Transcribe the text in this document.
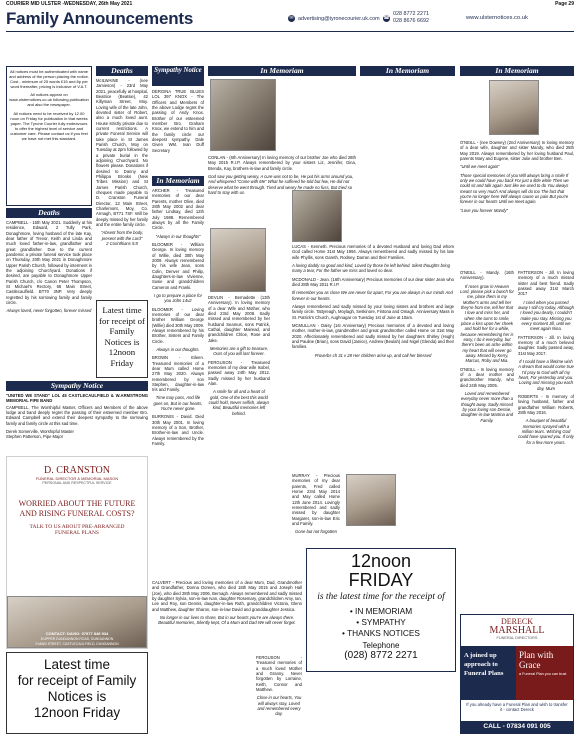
COURIER MID ULSTER -WEDNESDAY, 26th May 2021	Page 29
Family Announcements	✉ advertising@tyronecourier.uk.com ☎
028 8772 2271
028 8676 6692	www.ulsternotices.co.uk

All notices must be authenticated with name and address of the person placing the notice. Cost - minimum of 25 words £15 and 8p per word thereafter, pricing is inclusive of V.A.T.

All notices appear on www.ulsternotices.co.uk following publication and also the newspaper.

All notices need to be received by 12.00 noon on Friday for publication in that weeks paper. The Tyrone Courier fully endeavours to offer the highest level of service and customer care. Please contact us if you feel we have not met this standard.

Deaths

CAMPBELL - 15th May 2021. Suddenly at his residence, Edward, 2 Tully Park, Donaghmore, loving husband of the late Kay, dear father of Trevor, Keith and Linda and much loved father-in-law, grandfather and great grandfather. Due to the current pandemic a private funeral service took place on Thursday, 20th May 2021 in Donaghmore Upper Parish Church, followed by interment in the adjoining Churchyard. Donations if desired, are payable to Donaghmore Upper Parish Church, c/o Canon Peter Thompson, St Michael's Rectory, 66 Main Street, Castlecaulfield. BT70 3NP. Very deeply regretted by his sorrowing family and family circle.

Always loved, never forgotten, forever missed	Latest time
for receipt of Family
Notices is
12noon Friday
Sympathy Notice

"UNITED WE STAND" LOL 45 CASTLECAULFIELD & W.ARMSTRONG MEMORIAL FIFE BAND

CAMPBELL. The Worshipful Master, Officers and Members of the above lodge and band deeply regret the passing of their esteemed member Bro. Edward Campbell and extend their deepest sympathy to the sorrowing family and family circle at this sad time.

Derek Somerville, Worshipful Master

Stephen Patterson, Pipe Major

D. CRANSTON
FUNERAL DIRECTOR & MEMORIAL MASON
PERSONAL AND RESPECTFUL SERVICE
WORRIED ABOUT THE FUTURE AND RISING FUNERAL COSTS?
TALK TO US ABOUT PRE-ARRANGED FUNERAL PLANS
CONTACT: DAVID: 07977 848 934
8 UPPER DUNGANNON ROAD, DUNGANNON
9 MAIN STREET, CASTLECAULFIELD, DUNGANNON
Latest time
for receipt of Family
Notices is
12noon Friday
Deaths

McILWAINE - (nee Jamieson) - 23rd May 2021, peacefully at hospital, Beatrice (Beatsie), 42 Killyman Street, Moy. Loving wife of the late John, devoted sister of Robert, also a much loved aunt. House strictly private due to current restrictions. A private Funeral Service will take place in St James Parish Church, Moy on Tuesday at 2pm followed by a private burial in the adjoining Churchyard. No flowers please. Donations if desired to Danny and Philippa Brooks (New Tribes Mission) and St James Parish Church, cheques made payable to D. Cranston Funeral Director, 13 Main Street, Charlemont, Moy, Co. Armagh, BT71 7SF. Will be deeply missed by her family and the entire family circle.

"Absent from the body, present with the Lord"

2 Corinthians 5:8

Sympathy Notice

DERGINA TRUE BLUES LOL 397 KNOX - The Officers and Members of the above Lodge regret the passing of Andy Knox. Brother of our esteemed member Bro. Graham Knox, we extend to him and the family circle our deepest sympathy. Dale Given WM. Ivan Duff Secretary

In Memoriam

ARCHER - Treasured memories of our dear Parents, mother Olive, died 28th May 2002 and dear father Lindsay, died 12th July 1988. Remembered always by all the Family Circle.

"Always in our thoughts"

BLOOMER - William George. In loving memory of Willie, died 30th May 2009. Always remembered by his wife Jean, sons Colin, Denver and Philip, daughters-in-law Vivienne, Susie and grandchildren Cameron and Franki.

I go to prepare a place for you John 14v2

BLOOMER - Loving memories of our dear brother William George (Willie) died 30th May 2009. Always remembered by his Brother, Sisters and Family Circle.

Always in our thoughts.

BROWN - Eileen. Treasured memories of a dear Mum called Home 27th May 2020. Always remembered by son Stephen, daughter-in-law Iris and Family.

Time may pass, And life goes on, But in our hearts, You're never gone.

BURROWS - David. Died 30th May 2001. In loving memory of a Son, Brother, Brother-in-law and Uncle. Always remembered by the Family.

CALVERT - Precious and loving memories of a dear Mum, Dad, Grandmother and Grandfather, Donna Doreen, who died 18th May 2015 and Joseph Hall (Joe), who died 28th May 2006, Bernagh. Always remembered and sadly missed by daughter Sylvia, son-in-law Ivan, daughter Rosemary, grandchildren Amy, Ian, Lee and Roy, son Dennis, daughter-in-law Ruth, grandchildren Victoria, Glenn and Matthew, daughter Sharon, son-in-law David and granddaughter Jessica.

No longer in our lives to share, But in our hearts you're are always there. Beautiful memories, Silently kept, Of a Mum and Dad We will never forget.

In Memoriam

CONLAN - (6th Anniversary) In loving memory of our brother Joe who died 28th May 2015 R.I.P. Always remembered by your sisters Liz, Jennifer, Gina, Brenda, Kay, brothers-in-law and family circle.

God saw you getting weary, A cure was not to be, He put his arms around you, And whispered "Come with Me" What he suffered he told but few, He did not deserve what he went through. Tired and weary he made no fuss, But tried so hard to stay with us.

DEVLIN - Bernadette (13th Anniversary). In loving memory of a dear Wife and Mother, who died 23rd May 2008. Sadly missed and remembered by her husband Seamus, sons Patrick, Cathal, daughter Mairead, and grandchildren Chloe, Rose and Jake.

Memories are a gift to treasure, Ours of you will last forever.

FERGUSON - Treasured memories of my dear wife Isobel, passed away 24th May 2012. Sadly missed by her husband Alan.

A smile for all and a heart of gold, One of the best this world could hold, Never selfish, always kind, Beautiful memories left behind.

FERGUSON - Treasured memories of a much loved Mother and Granny. Never forgotten by Lorraine, Keith, Connor and Matthew.

Close in our hearts, You will always stay, Loved and remembered every day.

In Memoriam

LUCAS - Kenneth. Precious memories of a devoted Husband and loving Dad whom God called Home 31st May 1994. Always remembered and sadly missed by his late wife Phyllis, sons Gareth, Rodney, Darran and their Families.

A loving daddy so good and kind, Loved by those he left behind. Silent thoughts bring many a tear, For the father we miss and loved so dear.

MCDONALD - Jean. (16th Anniversary) Precious memories of our dear sister Jean who died 28th May 2011 R.I.P.

Ill remember you as close We are never far apart, For you are always in our minds And forever in our hearts.

Always remembered and sadly missed by your loving sisters and brothers and large family circle. Tattyreagh, Moylagh, Seskinore, Fintona and Omagh. Anniversary Mass in St. Patrick's Church, Aughnagar on Tuesday 1st of June at 10am.

MCMULLAN - Daisy (1st Anniversary) Precious memories of a devoted and loving mother, mother-in-law, grandmother and great grandmother called Home on 31st May 2020. Affectionately remembered and sadly missed by her daughters Shirley (Hugh) and Pauline (Brian), sons David (Janice), Andrew (Beulah) and Nigel (Glenda) and their families.

Proverbs ch 31 v 28 Her children arise up, and call her blessed

MURRAY - Precious memories of my dear parents, Fred called Home 23rd May 2014 and May called Home 12th June 2014. Lovingly remembered and sadly missed by daughter Margaret, son-in-law Eric and Family.

Gone but not forgotten

12noon
FRIDAY
is the latest time for the receipt of
• IN MEMORIAM
• SYMPATHY
• THANKS NOTICES
Telephone
(028) 8772 2271
In Memoriam

O'NEILL - (nee Downey) (2nd Anniversary) In loving memory of a dear wife, daughter and sister Mandy, who died 25th May 2019. Always remembered by her loving husband Paul, parents Mary and Eugene, sister Julie and brother Ben.

"Until we meet again"

Those special memories of you Will always bring a smile If only we could have you back For just a little while Then we could sit and talk again Just like we used to do You always meant so very much And always will do too The fact that you're no longer here Will always cause us pain But you're forever in our hearts Until we meet again.

"Love you forever Mandy"

O'NEILL - Mandy. (16th Anniversary).

If roses grow in Heaven Lord, please pick a bunch for me, place them in my Mother's arms and tell her they're from me, tell her that I love and miss her, and when she turns to smile, place a kiss upon her cheek and hold her for a while, because remembering her is easy, I do it everyday, but there's been an ache within my heart that will never go away. Missed by Kerry, Marcus, Roby and Mia.

O'NEILL - In loving memory of a dear mother and grandmother Mandy, who died 24th May 2005.

Loved and remembered everyday never more than a thought away. Sadly missed by your loving son Dessie, daughter-in-law Martina and Family.

PATTERSON - Jill. In loving memory of a much missed sister and best friend. Sadly passed away 31st March 2017

I cried when you passed away I still cry today, Although I loved you dearly, I couldn't make you stay. Missing you every moment Jill, until we meet again Nina.

PATTERSON - Jill. In loving memory of a much beloved daughter. Sadly passed away, 31st May 2017.

If I could have a lifetime wish A dream that would come true I'd pray to God with all my heart, For yesterday and you. Loving and missing you each day, Mum

ROBERTS - In memory of loving husband, father and grandfather William Roberts, 28th May 2016.

A bouquet of beautiful memories sprayed with a million tears. Wishing God could have spared you. If only for a few more years.

DERECK
MARSHALL
FUNERAL DIRECTORS
A joined up approach to Funeral Plans
Plan with Grace
a Funeral Plan you can trust
If you already have a Funeral Plan and wish to transfer it - contact Dereck
CALL - 07834 091 005
